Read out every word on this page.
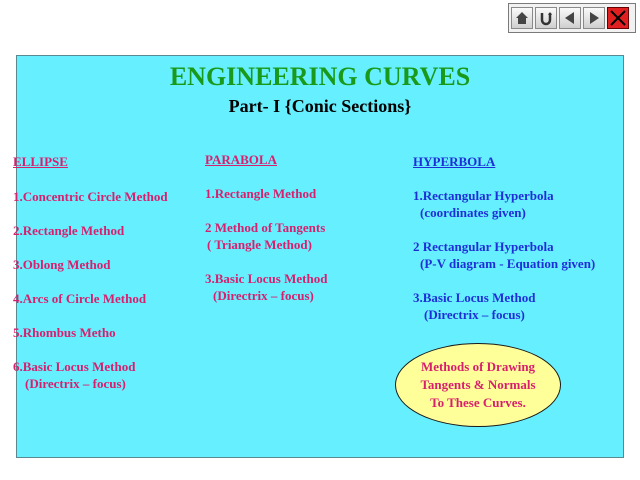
ENGINEERING CURVES
Part- I {Conic Sections}
ELLIPSE
1.Concentric Circle Method
2.Rectangle Method
3.Oblong Method
4.Arcs of Circle Method
5.Rhombus Metho
6.Basic Locus Method
(Directrix – focus)
PARABOLA
1.Rectangle Method
2 Method of Tangents
( Triangle Method)
3.Basic Locus Method
(Directrix – focus)
HYPERBOLA
1.Rectangular Hyperbola
(coordinates given)
2 Rectangular Hyperbola
(P-V diagram - Equation given)
3.Basic Locus Method
(Directrix – focus)
Methods of Drawing
Tangents & Normals
To These Curves.
